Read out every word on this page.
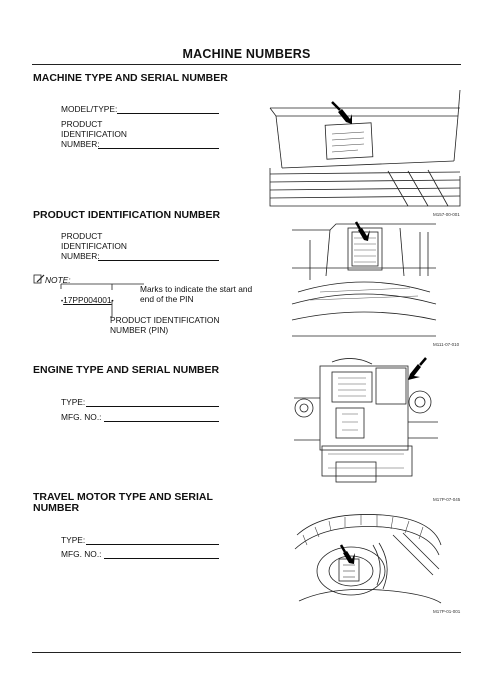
MACHINE NUMBERS
MACHINE TYPE AND SERIAL NUMBER
MODEL/TYPE:
PRODUCT
IDENTIFICATION
NUMBER:
M157-00-001
PRODUCT IDENTIFICATION NUMBER
PRODUCT
IDENTIFICATION
NUMBER:
NOTE:
•17PP004001•
Marks to indicate the start and
end of the PIN
PRODUCT IDENTIFICATION
NUMBER (PIN)
M111-07-010
ENGINE TYPE AND SERIAL NUMBER
TYPE:
MFG. NO.:
M17P-07-045
TRAVEL MOTOR TYPE AND SERIAL
NUMBER
TYPE:
MFG. NO.:
M17P-01-001
